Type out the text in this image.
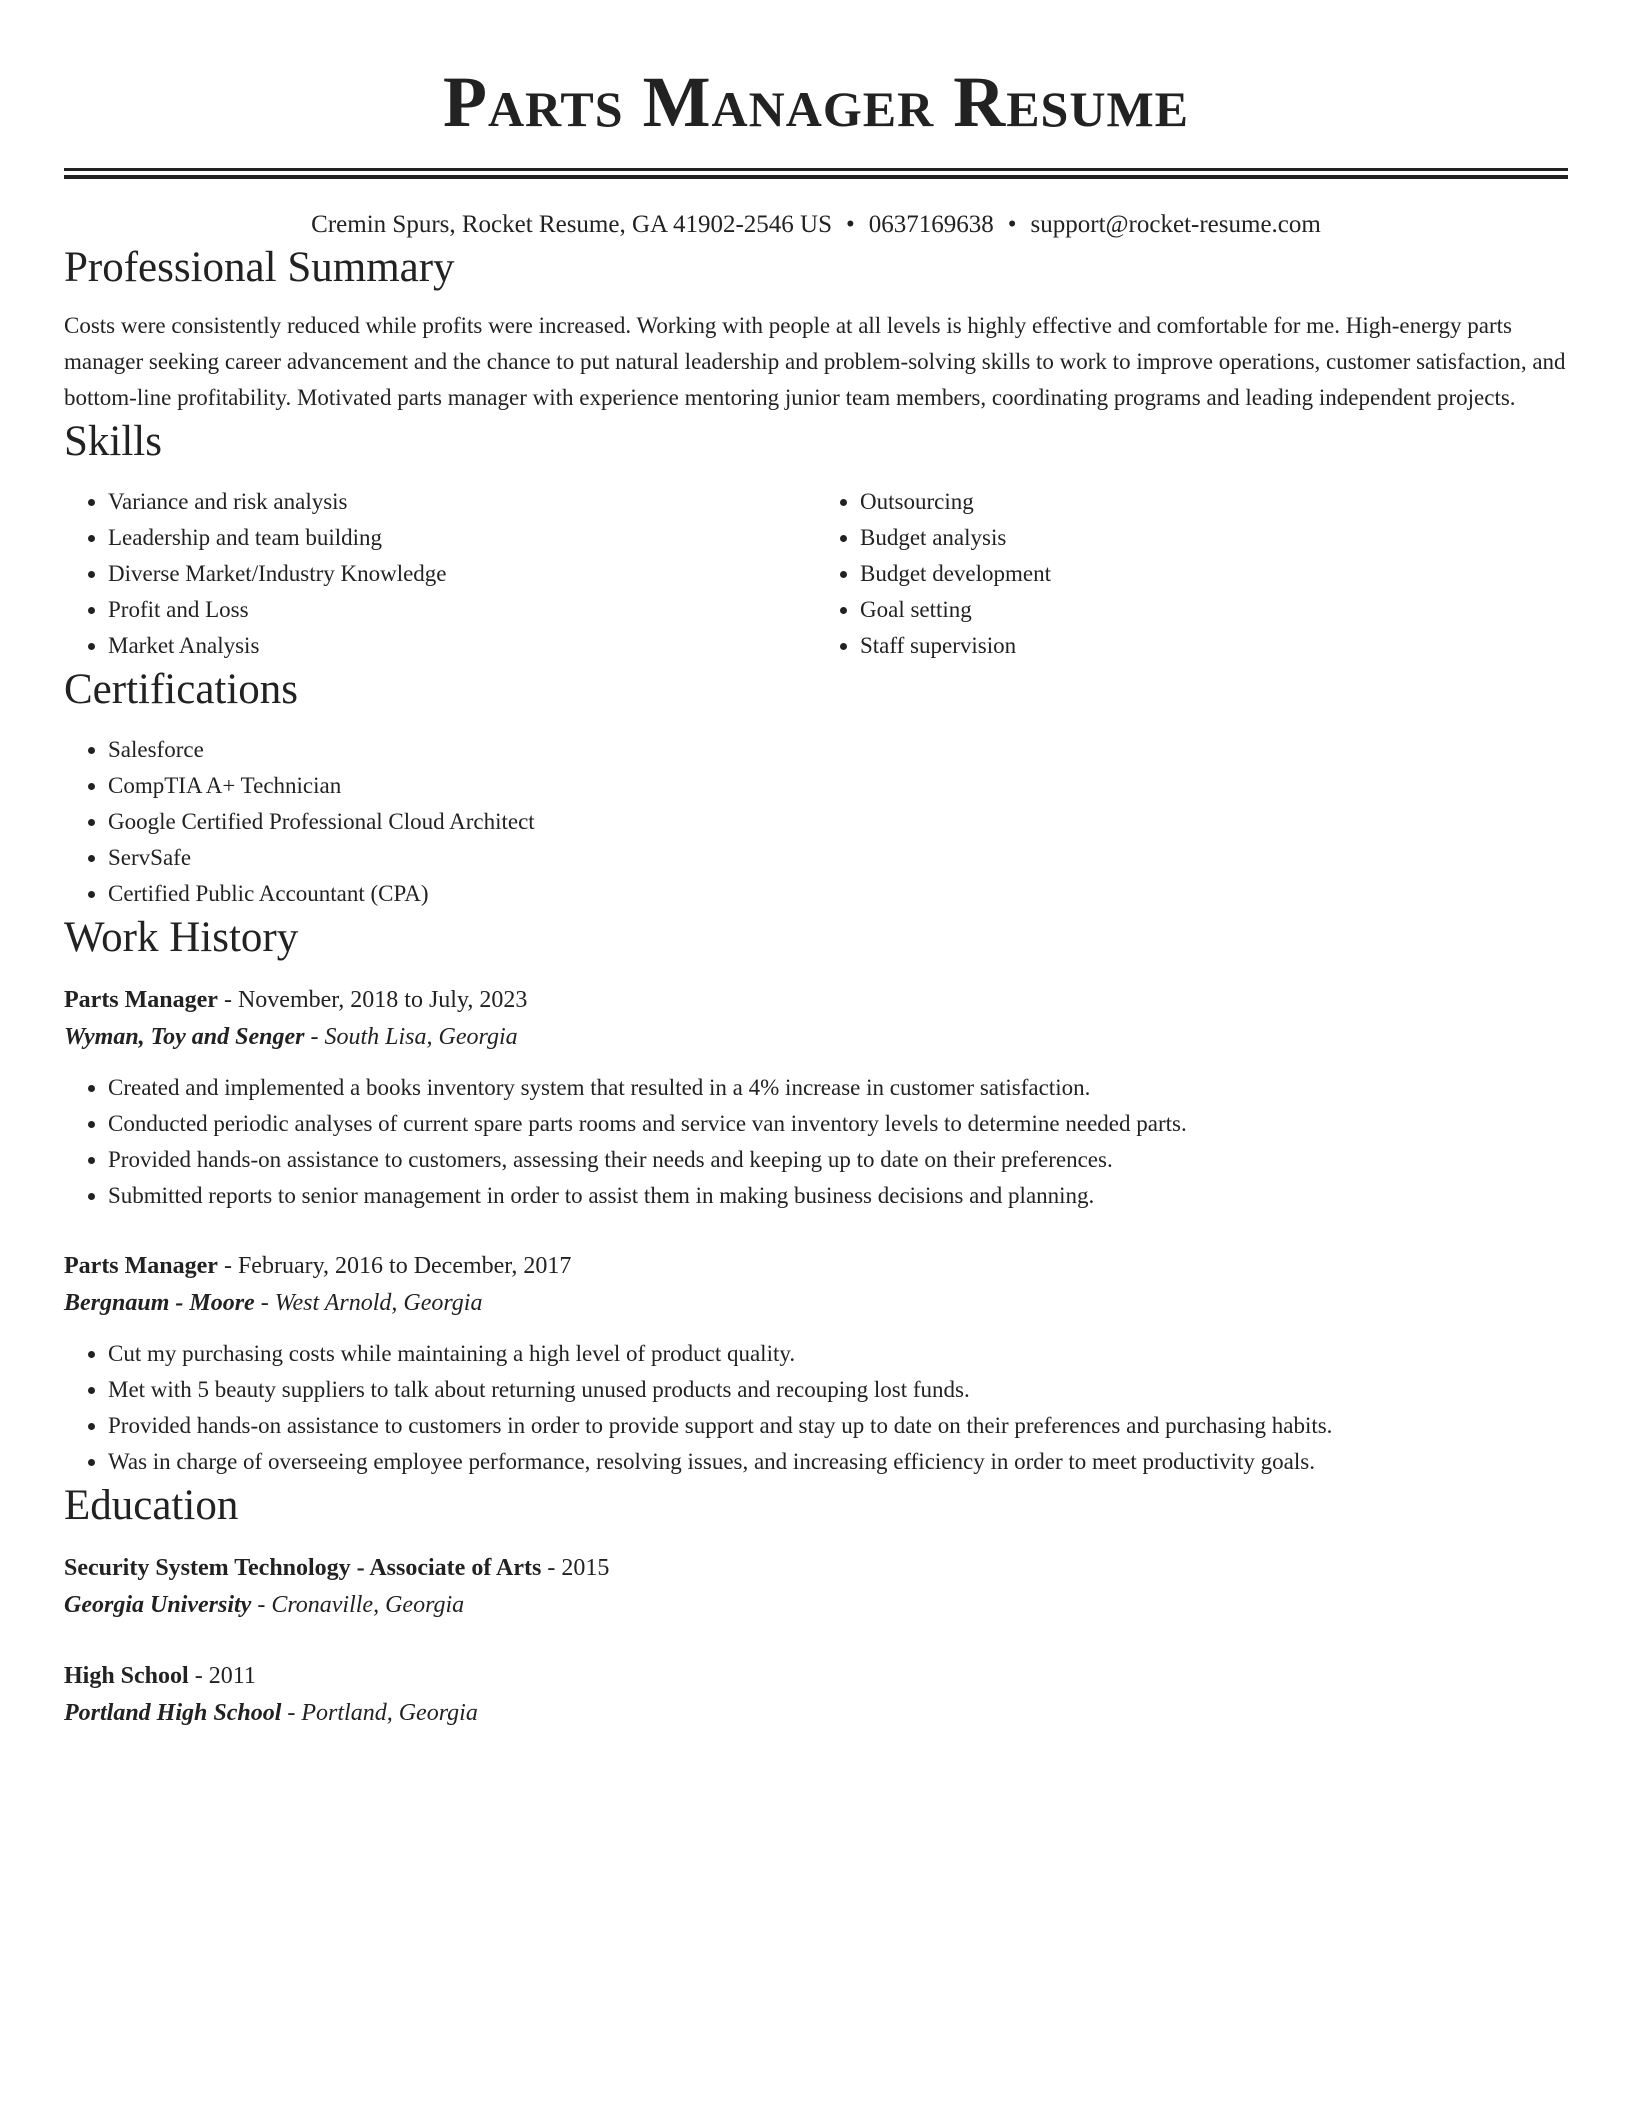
Parts Manager Resume
Cremin Spurs, Rocket Resume, GA 41902-2546 US • 0637169638 • support@rocket-resume.com
Professional Summary

Costs were consistently reduced while profits were increased. Working with people at all levels is highly effective and comfortable for me. High-energy parts manager seeking career advancement and the chance to put natural leadership and problem-solving skills to work to improve operations, customer satisfaction, and bottom-line profitability. Motivated parts manager with experience mentoring junior team members, coordinating programs and leading independent projects.

Skills
• Variance and risk analysis
• Leadership and team building
• Diverse Market/Industry Knowledge
• Profit and Loss
• Market Analysis
• Outsourcing
• Budget analysis
• Budget development
• Goal setting
• Staff supervision
Certifications
• Salesforce
• CompTIA A+ Technician
• Google Certified Professional Cloud Architect
• ServSafe
• Certified Public Accountant (CPA)
Work History
Parts Manager - November, 2018 to July, 2023
Wyman, Toy and Senger - South Lisa, Georgia
• Created and implemented a books inventory system that resulted in a 4% increase in customer satisfaction.
• Conducted periodic analyses of current spare parts rooms and service van inventory levels to determine needed parts.
• Provided hands-on assistance to customers, assessing their needs and keeping up to date on their preferences.
• Submitted reports to senior management in order to assist them in making business decisions and planning.
Parts Manager - February, 2016 to December, 2017
Bergnaum - Moore - West Arnold, Georgia
• Cut my purchasing costs while maintaining a high level of product quality.
• Met with 5 beauty suppliers to talk about returning unused products and recouping lost funds.
• Provided hands-on assistance to customers in order to provide support and stay up to date on their preferences and purchasing habits.
• Was in charge of overseeing employee performance, resolving issues, and increasing efficiency in order to meet productivity goals.
Education
Security System Technology - Associate of Arts - 2015
Georgia University - Cronaville, Georgia
High School - 2011
Portland High School - Portland, Georgia
